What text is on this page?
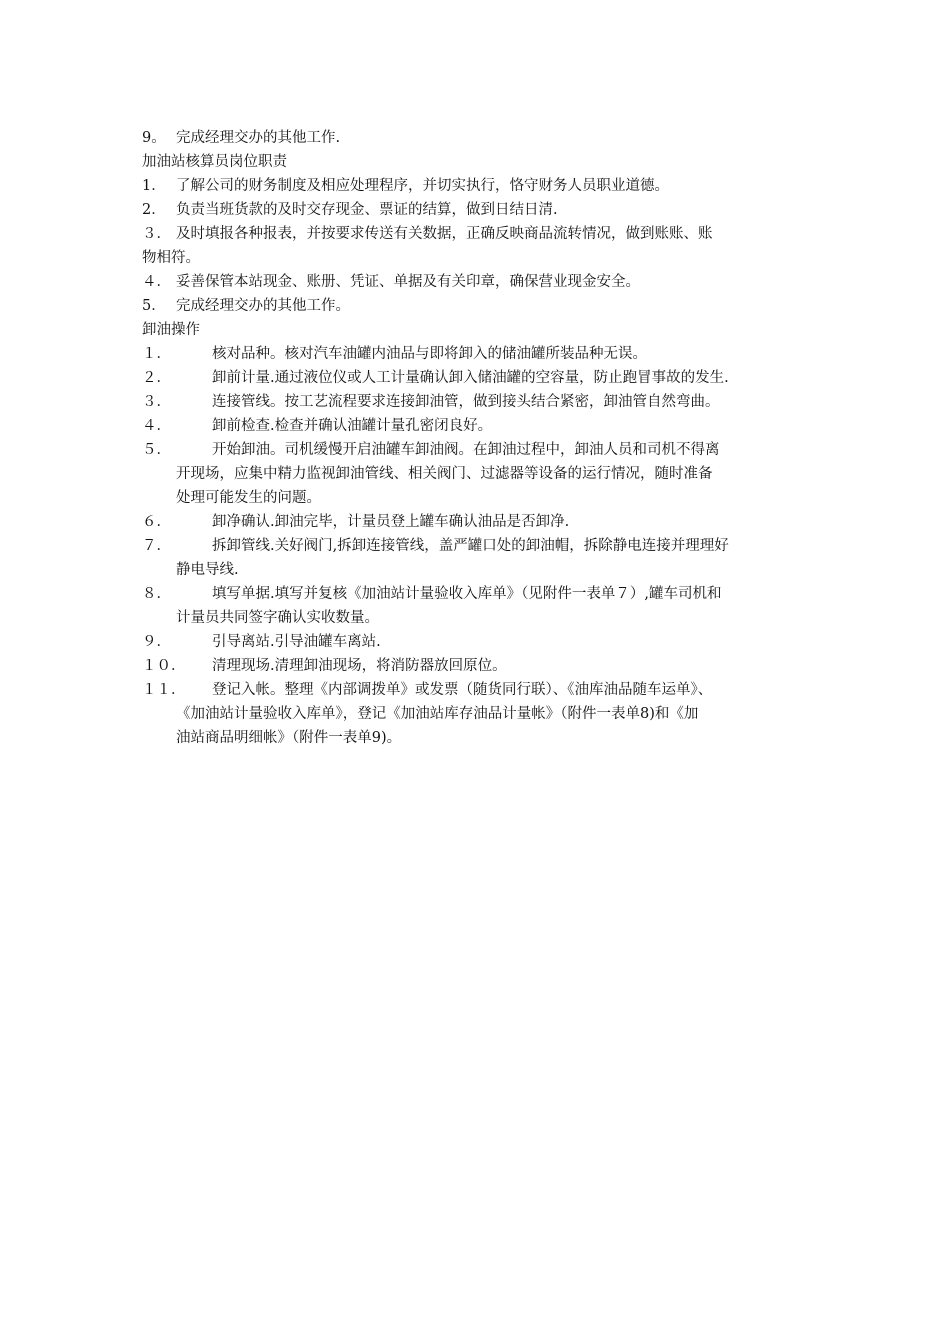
9。 完成经理交办的其他工作.
加油站核算员岗位职责
1． 了解公司的财务制度及相应处理程序，并切实执行，恪守财务人员职业道德。
2． 负责当班货款的及时交存现金、票证的结算，做到日结日清.
３． 及时填报各种报表，并按要求传送有关数据，正确反映商品流转情况，做到账账、账
物相符。
４． 妥善保管本站现金、账册、凭证、单据及有关印章，确保营业现金安全。
5． 完成经理交办的其他工作。
卸油操作
１．	核对品种。核对汽车油罐内油品与即将卸入的储油罐所装品种无误。
２．	卸前计量.通过液位仪或人工计量确认卸入储油罐的空容量，防止跑冒事故的发生.
３．	连接管线。按工艺流程要求连接卸油管，做到接头结合紧密，卸油管自然弯曲。
４．	卸前检查.检查并确认油罐计量孔密闭良好。
５．	开始卸油。司机缓慢开启油罐车卸油阀。在卸油过程中，卸油人员和司机不得离
开现场，应集中精力监视卸油管线、相关阀门、过滤器等设备的运行情况，随时准备
处理可能发生的问题。
６．	卸净确认.卸油完毕，计量员登上罐车确认油品是否卸净.
７．	拆卸管线.关好阀门,拆卸连接管线，盖严罐口处的卸油帽，拆除静电连接并理理好
静电导线.
８．	填写单据.填写并复核《加油站计量验收入库单》（见附件一表单７）,罐车司机和
计量员共同签字确认实收数量。
９．	引导离站.引导油罐车离站.
１０．	清理现场.清理卸油现场，将消防器放回原位。
１１．	登记入帐。整理《内部调拨单》或发票（随货同行联）、《油库油品随车运单》、
《加油站计量验收入库单》，登记《加油站库存油品计量帐》（附件一表单8)和《加
油站商品明细帐》（附件一表单9)。
